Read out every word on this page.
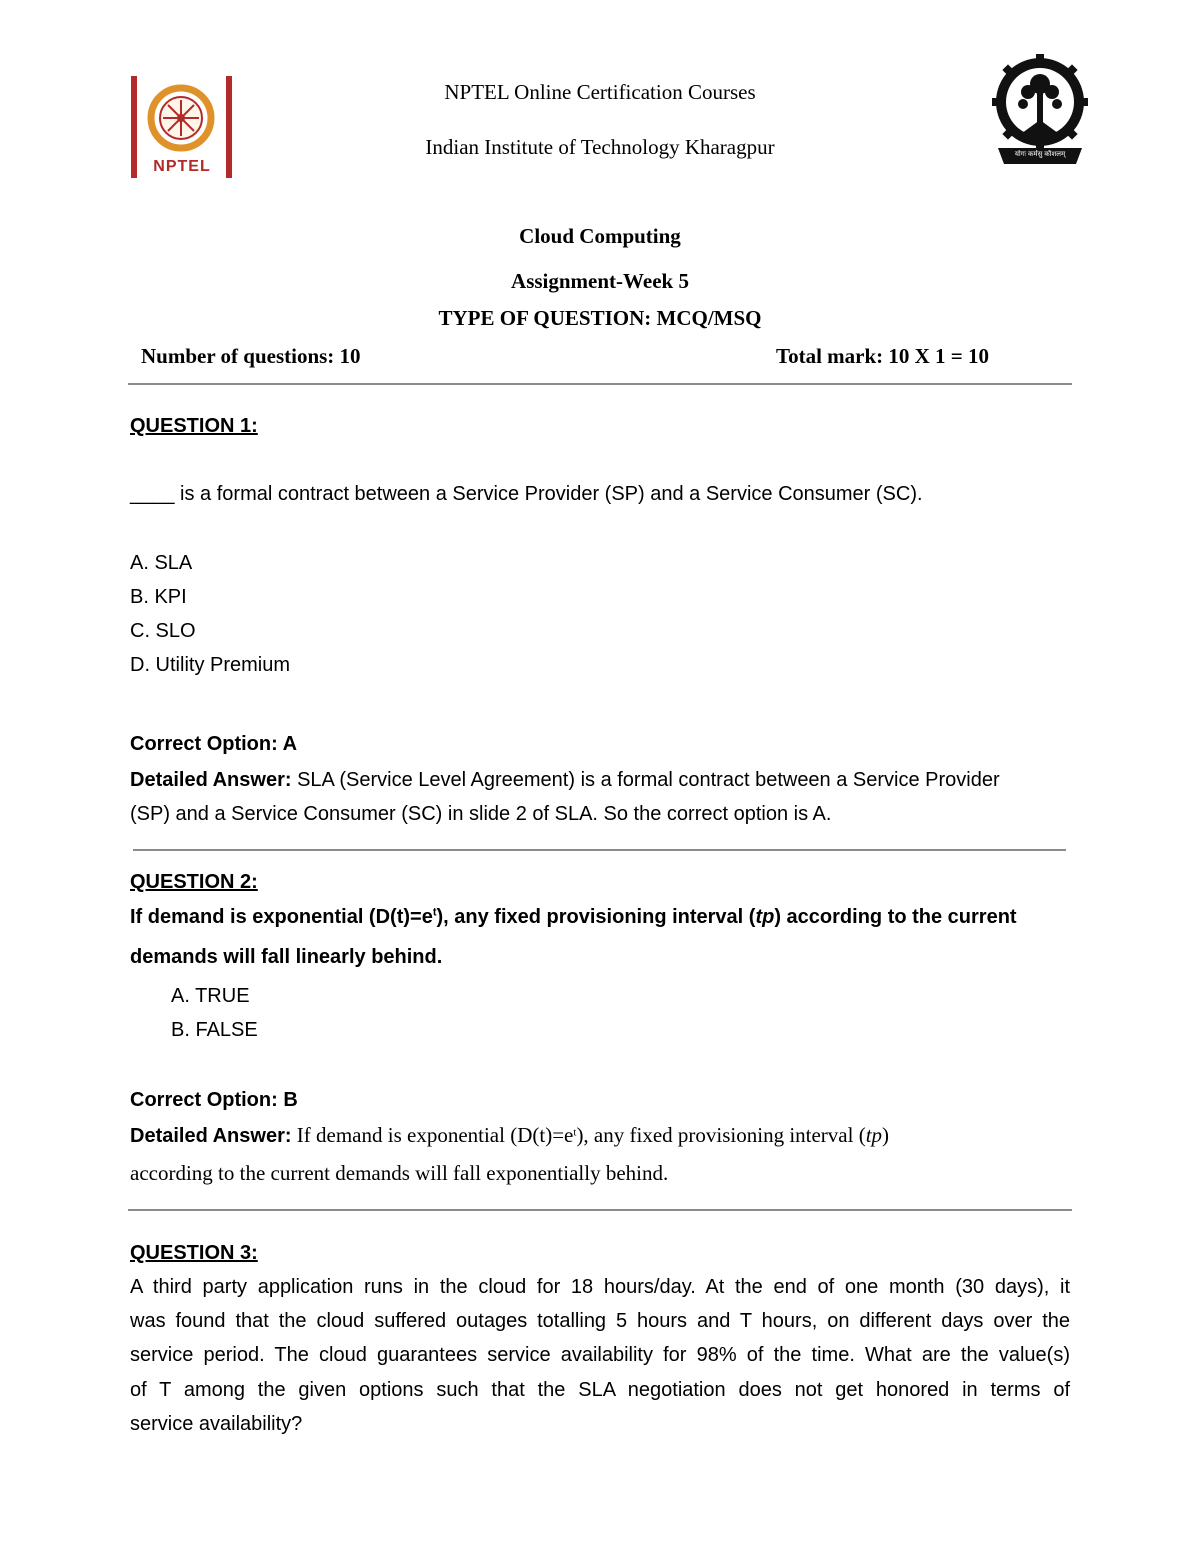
NPTEL
योगः कर्मसु कौशलम्
NPTEL Online Certification Courses
Indian Institute of Technology Kharagpur
Cloud Computing
Assignment-Week 5
TYPE OF QUESTION: MCQ/MSQ
Number of questions: 10	Total mark: 10 X 1 = 10
QUESTION 1:
____ is a formal contract between a Service Provider (SP) and a Service Consumer (SC).
A. SLA
B. KPI
C. SLO
D. Utility Premium
Correct Option: A
Detailed Answer: SLA (Service Level Agreement) is a formal contract between a Service Provider
(SP) and a Service Consumer (SC) in slide 2 of SLA. So the correct option is A.
QUESTION 2:
If demand is exponential $(D(t)=e^t)$, any fixed provisioning interval (tp) according to the current
demands will fall linearly behind.
A. TRUE
B. FALSE
Correct Option: B
Detailed Answer: If demand is exponential $(D(t)=e^t)$, any fixed provisioning interval (tp)
according to the current demands will fall exponentially behind.
QUESTION 3:
A third party application runs in the cloud for 18 hours/day. At the end of one month (30 days), it
was found that the cloud suffered outages totalling 5 hours and T hours, on different days over the
service period. The cloud guarantees service availability for 98% of the time. What are the value(s)
of T among the given options such that the SLA negotiation does not get honored in terms of
service availability?
